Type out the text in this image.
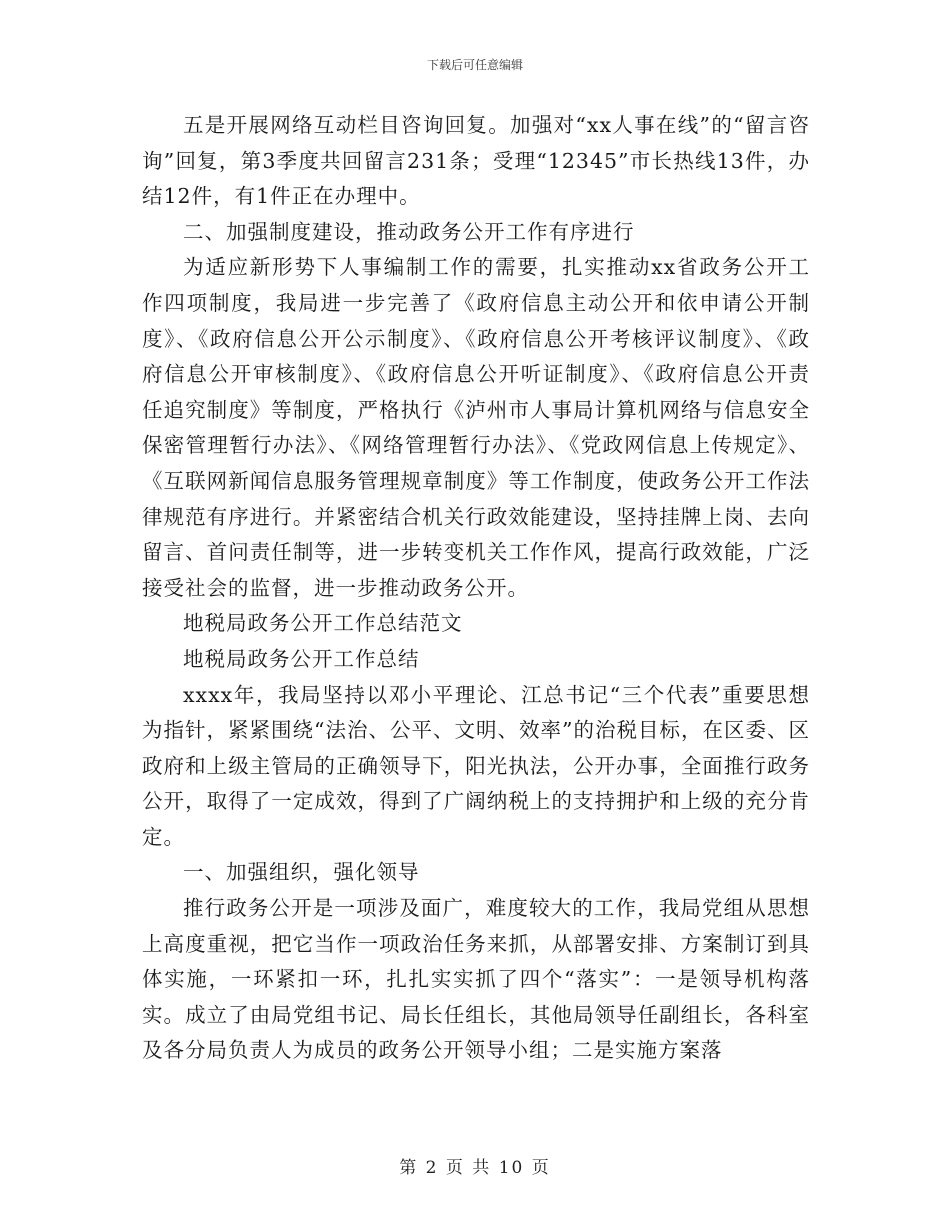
下载后可任意编辑

五是开展网络互动栏目咨询回复。加强对“xx人事在线”的“留言咨询”回复，第3季度共回留言231条；受理“12345”市长热线13件，办结12件，有1件正在办理中。

二、加强制度建设，推动政务公开工作有序进行

为适应新形势下人事编制工作的需要，扎实推动xx省政务公开工作四项制度，我局进一步完善了《政府信息主动公开和依申请公开制度》、《政府信息公开公示制度》、《政府信息公开考核评议制度》、《政府信息公开审核制度》、《政府信息公开听证制度》、《政府信息公开责任追究制度》等制度，严格执行《泸州市人事局计算机网络与信息安全保密管理暂行办法》、《网络管理暂行办法》、《党政网信息上传规定》、《互联网新闻信息服务管理规章制度》等工作制度，使政务公开工作法律规范有序进行。并紧密结合机关行政效能建设，坚持挂牌上岗、去向留言、首问责任制等，进一步转变机关工作作风，提高行政效能，广泛接受社会的监督，进一步推动政务公开。

地税局政务公开工作总结范文

地税局政务公开工作总结

xxxx年，我局坚持以邓小平理论、江总书记“三个代表”重要思想为指针，紧紧围绕“法治、公平、文明、效率”的治税目标，在区委、区政府和上级主管局的正确领导下，阳光执法，公开办事，全面推行政务公开，取得了一定成效，得到了广阔纳税上的支持拥护和上级的充分肯定。

一、加强组织，强化领导

推行政务公开是一项涉及面广，难度较大的工作，我局党组从思想上高度重视，把它当作一项政治任务来抓，从部署安排、方案制订到具体实施，一环紧扣一环，扎扎实实抓了四个“落实”：一是领导机构落实。成立了由局党组书记、局长任组长，其他局领导任副组长，各科室及各分局负责人为成员的政务公开领导小组；二是实施方案落

第 2 页 共 10 页
